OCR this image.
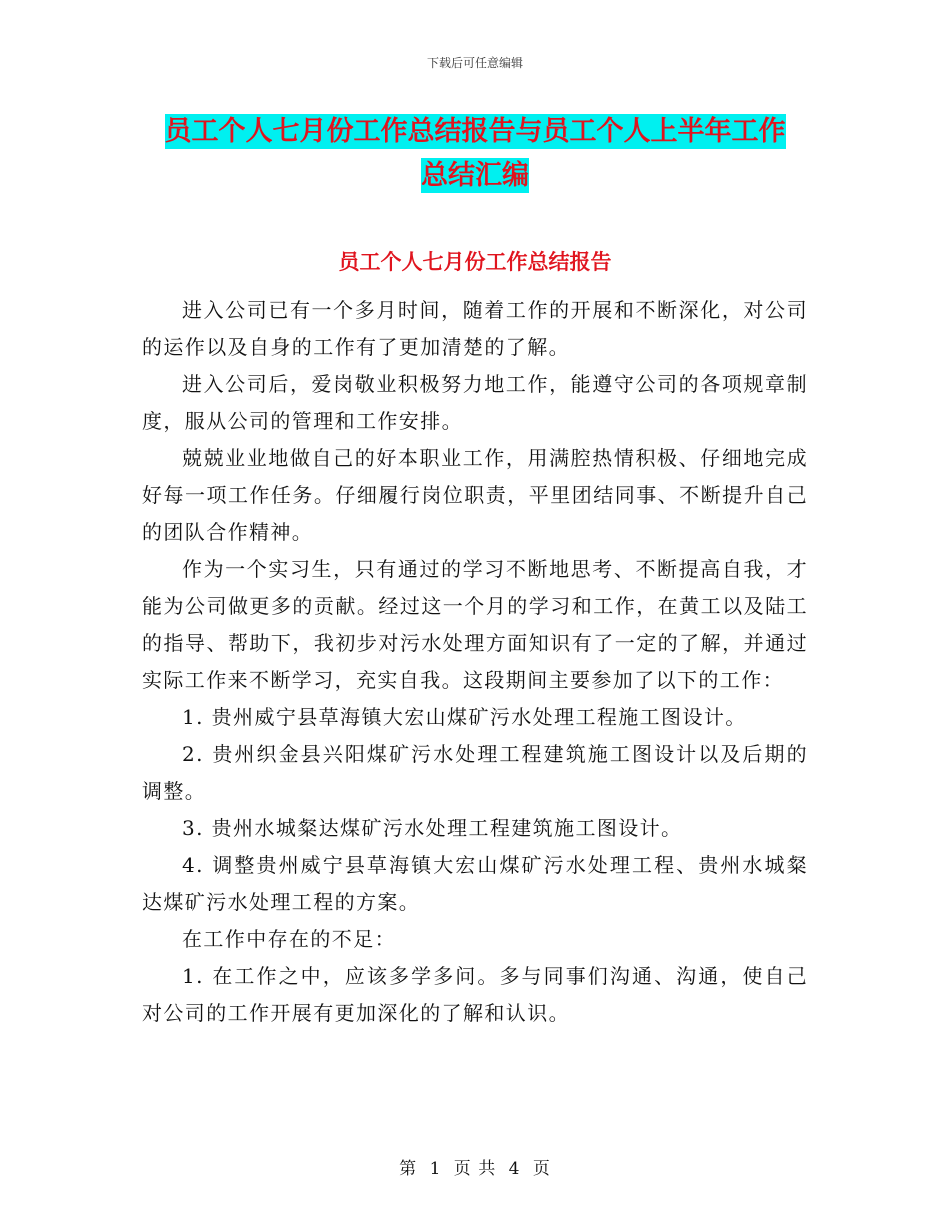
下载后可任意编辑
员工个人七月份工作总结报告与员工个人上半年工作
总结汇编
员工个人七月份工作总结报告

进入公司已有一个多月时间，随着工作的开展和不断深化，对公司的运作以及自身的工作有了更加清楚的了解。

进入公司后，爱岗敬业积极努力地工作，能遵守公司的各项规章制度，服从公司的管理和工作安排。

兢兢业业地做自己的好本职业工作，用满腔热情积极、仔细地完成好每一项工作任务。仔细履行岗位职责，平里团结同事、不断提升自己的团队合作精神。

作为一个实习生，只有通过的学习不断地思考、不断提高自我，才能为公司做更多的贡献。经过这一个月的学习和工作，在黄工以及陆工的指导、帮助下，我初步对污水处理方面知识有了一定的了解，并通过实际工作来不断学习，充实自我。这段期间主要参加了以下的工作：

1. 贵州威宁县草海镇大宏山煤矿污水处理工程施工图设计。

2. 贵州织金县兴阳煤矿污水处理工程建筑施工图设计以及后期的调整。

3. 贵州水城粲达煤矿污水处理工程建筑施工图设计。

4. 调整贵州威宁县草海镇大宏山煤矿污水处理工程、贵州水城粲达煤矿污水处理工程的方案。

在工作中存在的不足：

1. 在工作之中，应该多学多问。多与同事们沟通、沟通，使自己对公司的工作开展有更加深化的了解和认识。

第 1 页 共 4 页
